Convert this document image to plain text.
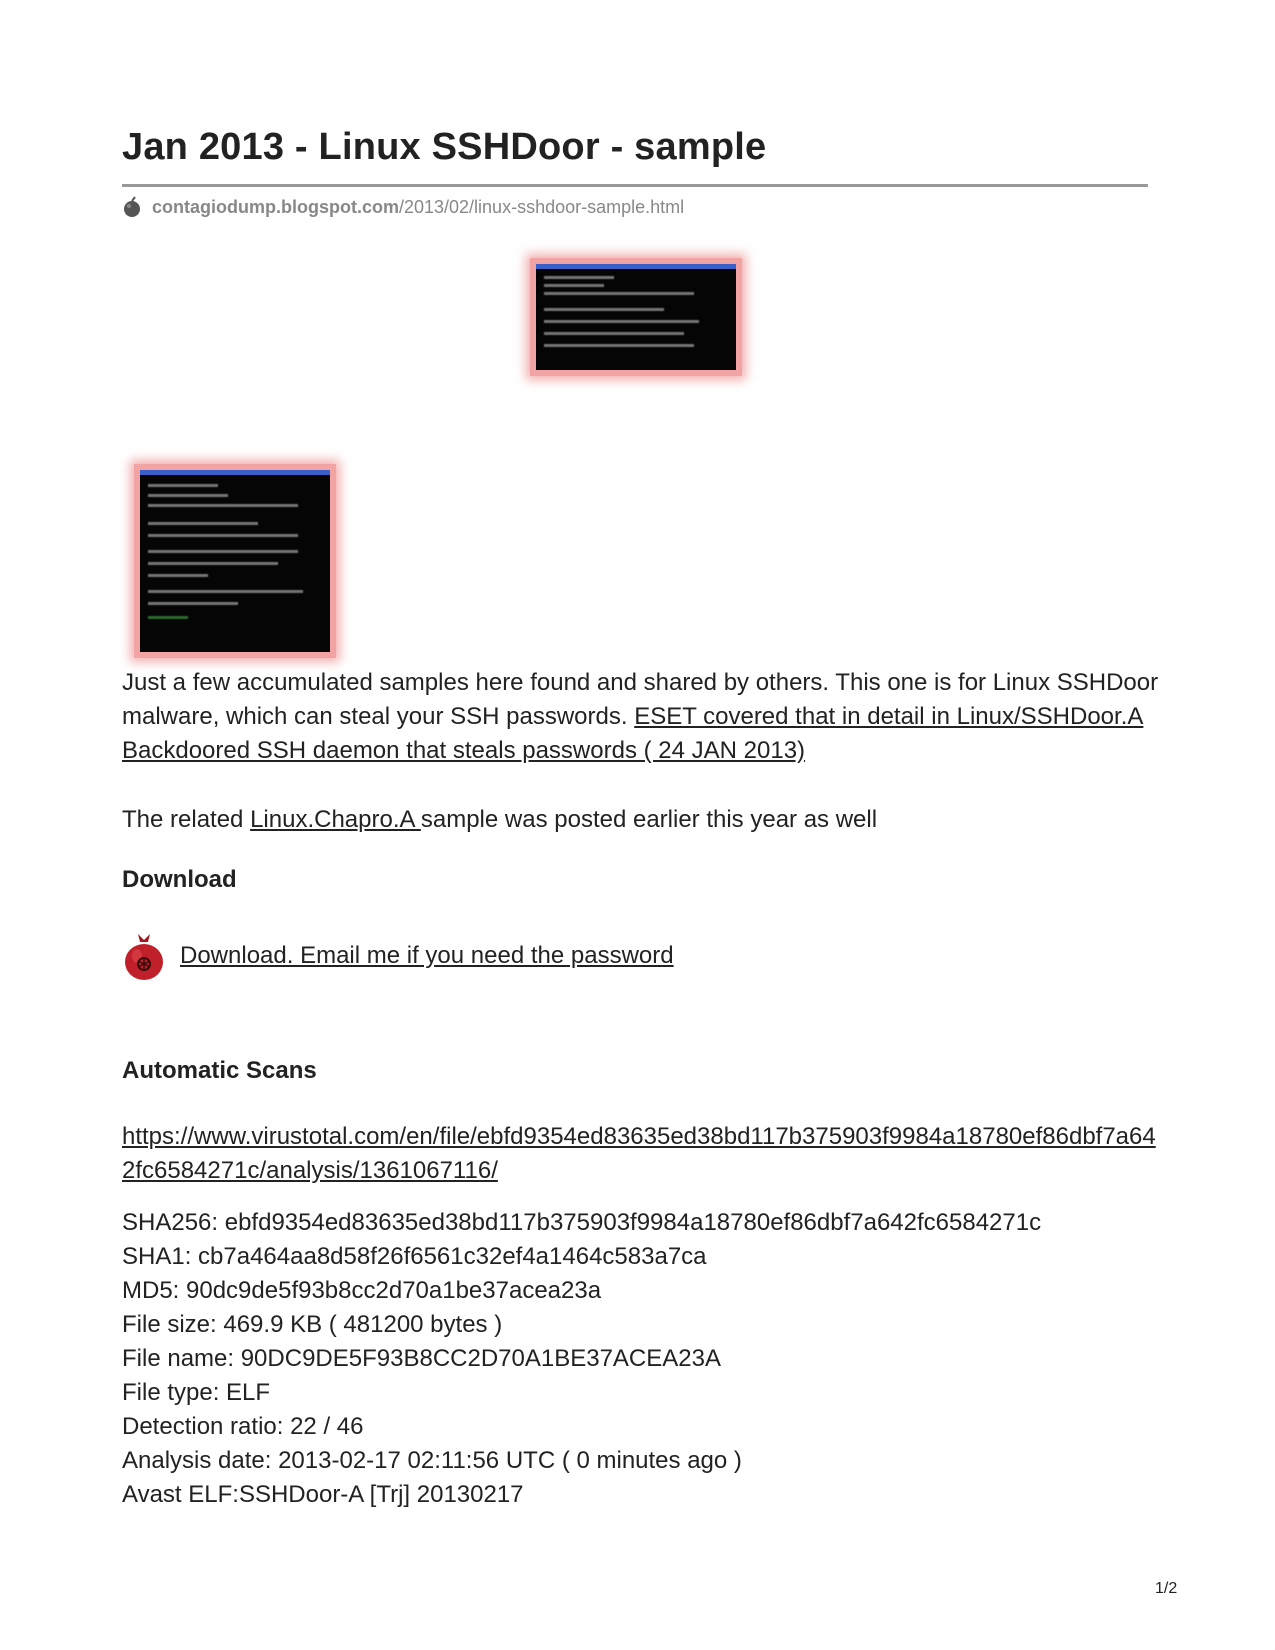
Jan 2013 - Linux SSHDoor - sample
contagiodump.blogspot.com/2013/02/linux-sshdoor-sample.html

Just a few accumulated samples here found and shared by others. This one is for Linux SSHDoor malware, which can steal your SSH passwords. ESET covered that in detail in Linux/SSHDoor.A Backdoored SSH daemon that steals passwords ( 24 JAN 2013)

The related Linux.Chapro.A sample was posted earlier this year as well

Download
Download. Email me if you need the password
Automatic Scans

https://www.virustotal.com/en/file/ebfd9354ed83635ed38bd117b375903f9984a18780ef86dbf7a642fc6584271c/analysis/1361067116/

SHA256: ebfd9354ed83635ed38bd117b375903f9984a18780ef86dbf7a642fc6584271c
SHA1: cb7a464aa8d58f26f6561c32ef4a1464c583a7ca
MD5: 90dc9de5f93b8cc2d70a1be37acea23a
File size: 469.9 KB ( 481200 bytes )
File name: 90DC9DE5F93B8CC2D70A1BE37ACEA23A
File type: ELF
Detection ratio: 22 / 46
Analysis date: 2013-02-17 02:11:56 UTC ( 0 minutes ago )
Avast ELF:SSHDoor-A [Trj] 20130217
1/2
